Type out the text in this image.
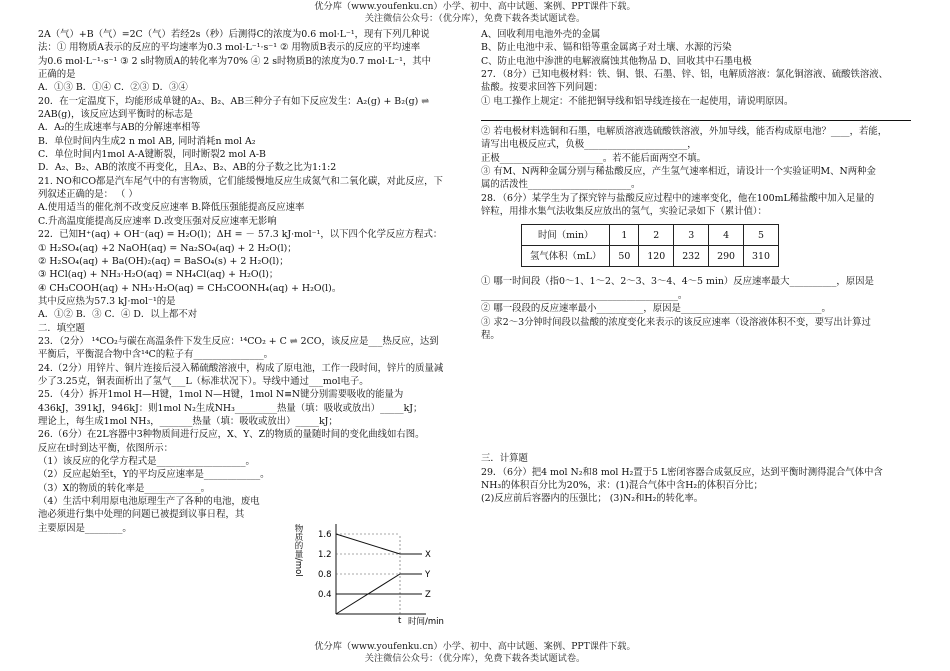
优分库（www.youfenku.cn）小学、初中、高中试题、案例、PPT课件下载。
关注微信公众号：（优分库），免费下载各类试题试卷。
2A（气）+B（气）=2C（气）若经2s（秒）后测得C的浓度为0.6 mol·L⁻¹，现有下列几种说
法：① 用物质A表示的反应的平均速率为0.3 mol·L⁻¹·s⁻¹ ② 用物质B表示的反应的平均速率
为0.6 mol·L⁻¹·s⁻¹ ③ 2 s时物质A的转化率为70% ④ 2 s时物质B的浓度为0.7 mol·L⁻¹，其中
正确的是
A．①③ B．①④ C．②③ D．③④
20．在一定温度下，均能形成单键的A₂、B₂、AB三种分子有如下反应发生：A₂(g) + B₂(g) ⇌
2AB(g)，该反应达到平衡时的标志是
A．A₂的生成速率与AB的分解速率相等
B．单位时间内生成2 n mol AB, 同时消耗n mol A₂
C．单位时间内1mol A-A键断裂，同时断裂2 mol A-B
D．A₂、B₂、AB的浓度不再变化，且A₂、B₂、AB的分子数之比为1:1:2
21. NO和CO都是汽车尾气中的有害物质，它们能缓慢地反应生成氮气和二氧化碳，对此反应，下
列叙述正确的是： （ ）
A.使用适当的催化剂不改变反应速率 B.降低压强能提高反应速率
C.升高温度能提高反应速率 D.改变压强对反应速率无影响
22．已知H⁺(aq) + OH⁻(aq) = H₂O(l)；ΔH = － 57.3 kJ·mol⁻¹，以下四个化学反应方程式：
① H₂SO₄(aq) +2 NaOH(aq) = Na₂SO₄(aq) + 2 H₂O(l)；
② H₂SO₄(aq) + Ba(OH)₂(aq) = BaSO₄(s) + 2 H₂O(l)；
③ HCl(aq) + NH₃·H₂O(aq) = NH₄Cl(aq) + H₂O(l)；
④ CH₃COOH(aq) + NH₃·H₂O(aq) = CH₃COONH₄(aq) + H₂O(l)。
其中反应热为57.3 kJ·mol⁻¹的是
A．①② B．③ C．④ D．以上都不对
二．填空题
23．（2分） ¹⁴CO₂与碳在高温条件下发生反应：¹⁴CO₂ + C ⇌ 2CO，该反应是___热反应，达到
平衡后，平衡混合物中含¹⁴C的粒子有_______________。
24.（2分）用锌片、铜片连接后浸入稀硫酸溶液中，构成了原电池，工作一段时间，锌片的质量减
少了3.25克，铜表面析出了氢气___L（标准状况下）。导线中通过___mol电子。
25．（4分）拆开1mol H—H键，1mol N—H键，1mol N≡N键分别需要吸收的能量为
436kJ，391kJ，946kJ：则1mol N₂生成NH₃_________热量（填：吸收或放出）_____kJ；
理论上，每生成1mol NH₃，_______热量（填：吸收或放出）_____kJ；
26.（6分）在2L容器中3种物质间进行反应，X、Y、Z的物质的量随时间的变化曲线如右图。
反应在t时到达平衡，依图所示：
（1）该反应的化学方程式是___________________。
（2）反应起始至t，Y的平均反应速率是____________。
（3）X的物质的转化率是____________。
（4）生活中利用原电池原理生产了各种的电池，废电
池必须进行集中处理的问题已被提到议事日程，其
主要原因是________。	物质的量/mol
0.4
0.8
1.2
1.6
t
X
Y
Z
时间/min
A、回收利用电池外壳的金属
B、防止电池中汞、镉和铅等重金属离子对土壤、水源的污染
C、防止电池中渗泄的电解液腐蚀其他物品 D、回收其中石墨电极
27．（8分）已知电极材料：铁、铜、银、石墨、锌、铝，电解质溶液：氯化铜溶液、硫酸铁溶液、
盐酸。按要求回答下列问题：
① 电工操作上规定：不能把铜导线和铝导线连接在一起使用，请说明原因。
② 若电极材料选铜和石墨，电解质溶液选硫酸铁溶液，外加导线，能否构成原电池？____，若能，
请写出电极反应式，负极______________________，
正极______________________。若不能后面两空不填。
③ 有M、N两种金属分别与稀盐酸反应，产生氢气速率相近，请设计一个实验证明M、N两种金
属的活泼性______________________。
28．（6分）某学生为了探究锌与盐酸反应过程中的速率变化，他在100mL稀盐酸中加入足量的
锌粒，用排水集气法收集反应放出的氢气，实验记录如下（累计值）：
时间（min）	1	2	3	4	5
氢气体积（mL）	50	120	232	290	310
① 哪一时间段（指0～1、1～2、2～3、3～4、4～5 min）反应速率最大__________，原因是
__________________________________________。
② 哪一段段的反应速率最小__________，原因是______________________________。
③ 求2～3分钟时间段以盐酸的浓度变化来表示的该反应速率（设溶液体积不变，要写出计算过
程。
三．计算题
29．（6分）把4 mol N₂和8 mol H₂置于5 L密闭容器合成氨反应，达到平衡时测得混合气体中含
NH₃的体积百分比为20%，求：(1)混合气体中含H₂的体积百分比；
(2)反应前后容器内的压强比； (3)N₂和H₂的转化率。
优分库（www.youfenku.cn）小学、初中、高中试题、案例、PPT课件下载。
关注微信公众号：（优分库），免费下载各类试题试卷。
